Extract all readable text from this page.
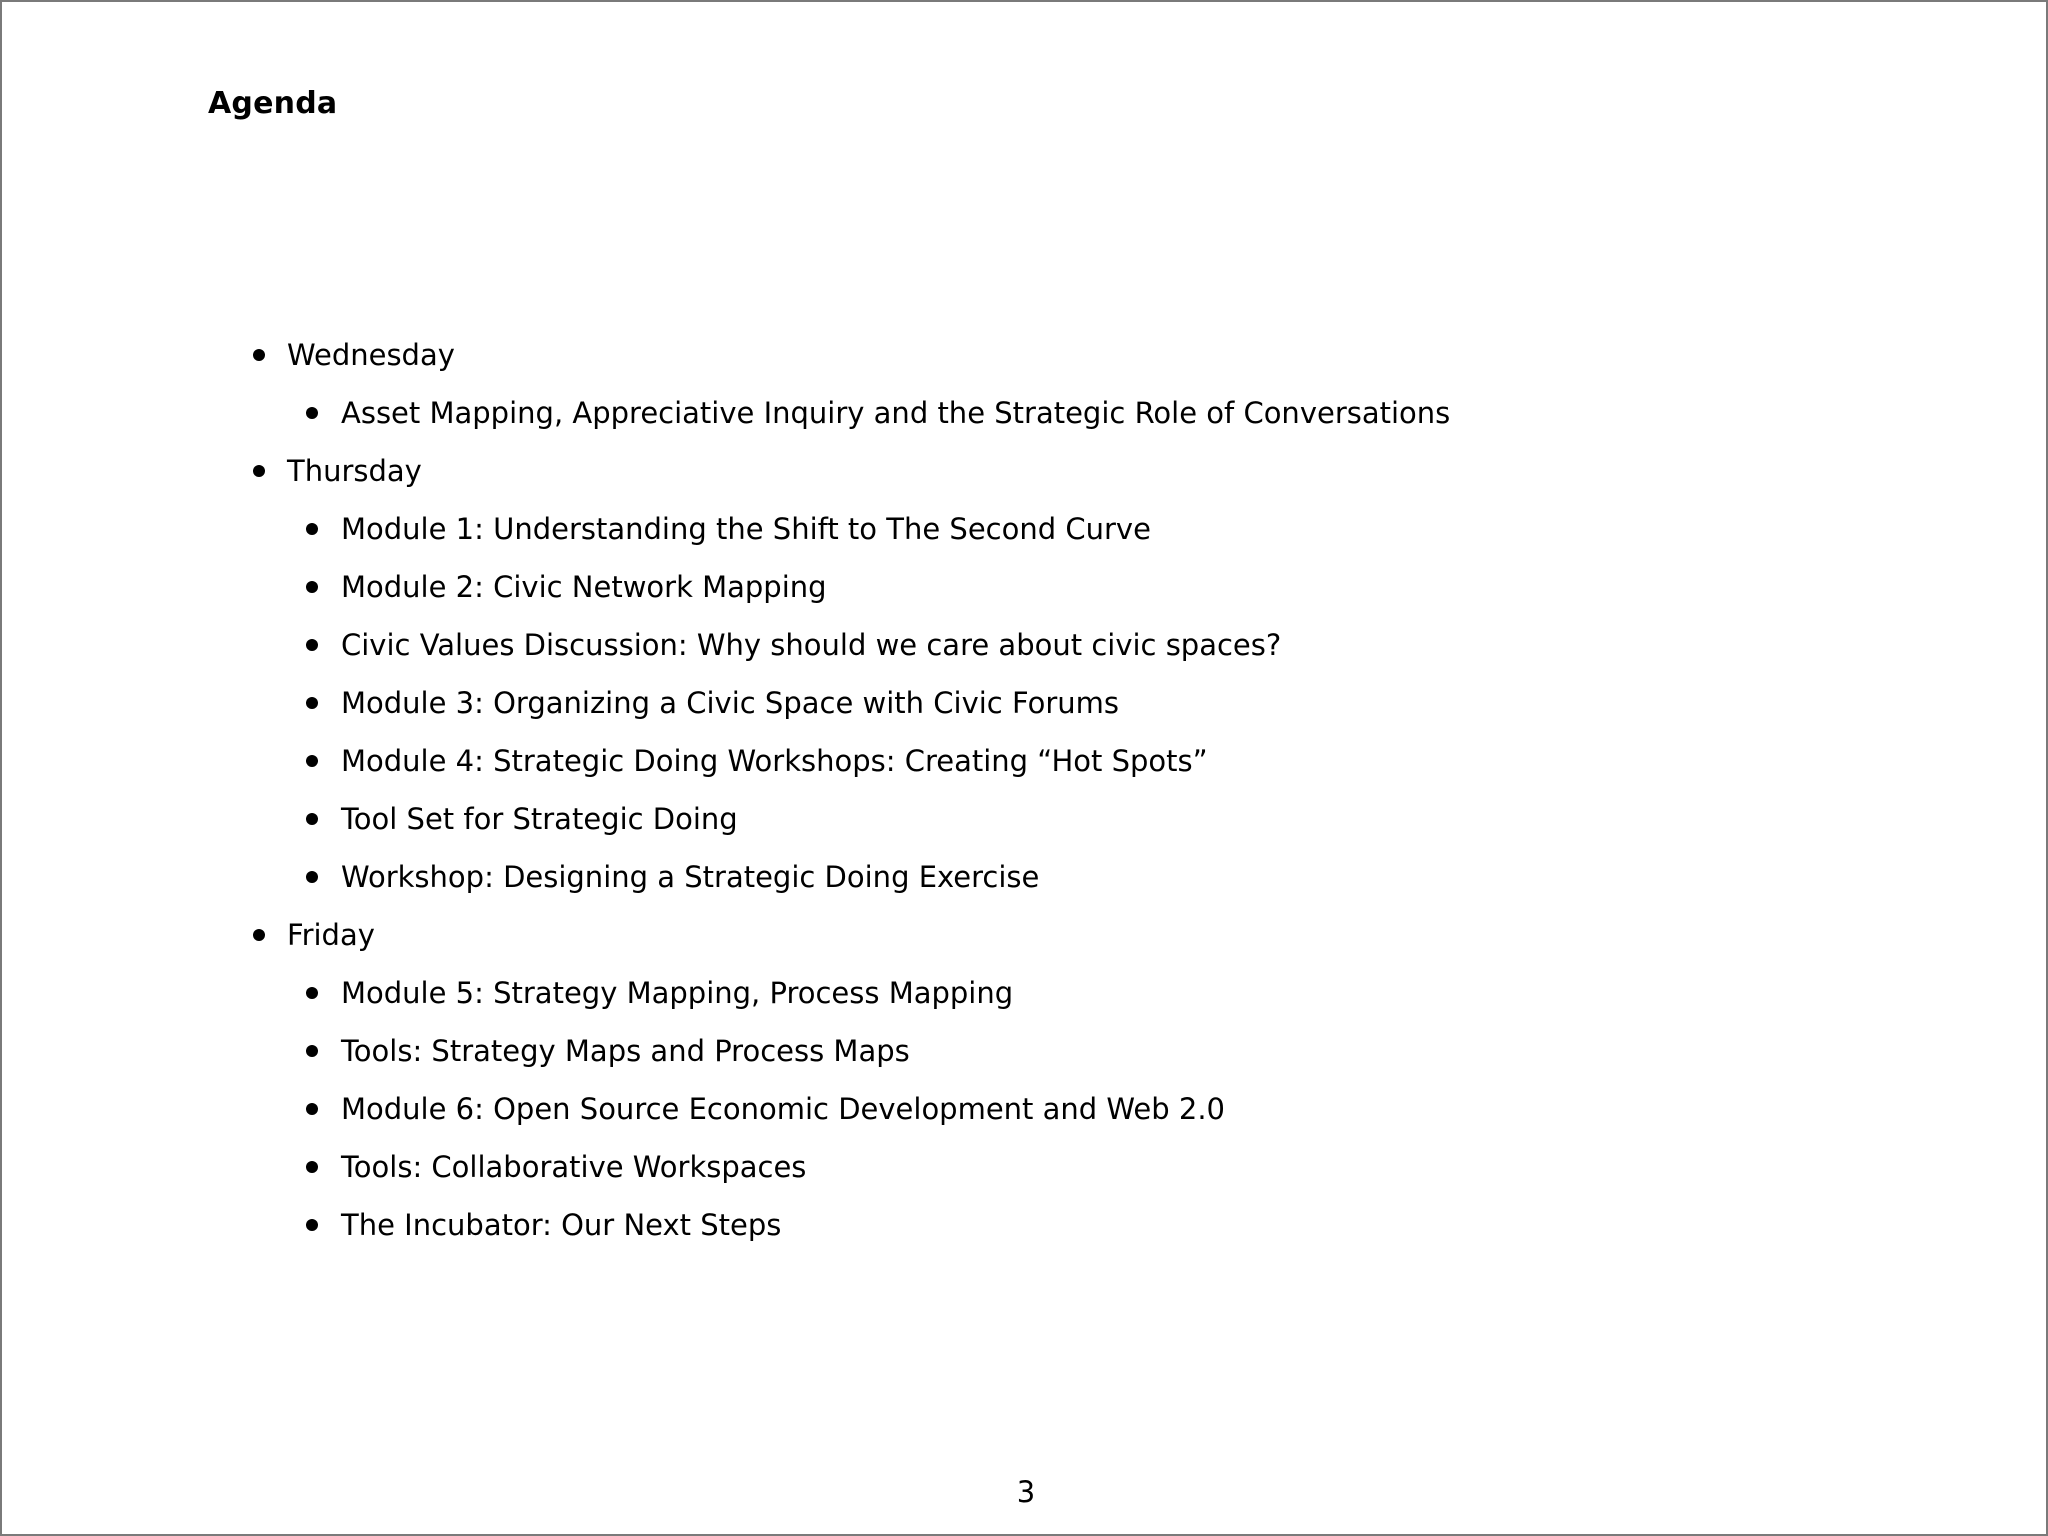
Agenda
Wednesday
Asset Mapping, Appreciative Inquiry and the Strategic Role of Conversations
Thursday
Module 1: Understanding the Shift to The Second Curve
Module 2: Civic Network Mapping
Civic Values Discussion: Why should we care about civic spaces?
Module 3: Organizing a Civic Space with Civic Forums
Module 4: Strategic Doing Workshops: Creating “Hot Spots”
Tool Set for Strategic Doing
Workshop: Designing a Strategic Doing Exercise
Friday
Module 5: Strategy Mapping, Process Mapping
Tools: Strategy Maps and Process Maps
Module 6: Open Source Economic Development and Web 2.0
Tools: Collaborative Workspaces
The Incubator: Our Next Steps
3
